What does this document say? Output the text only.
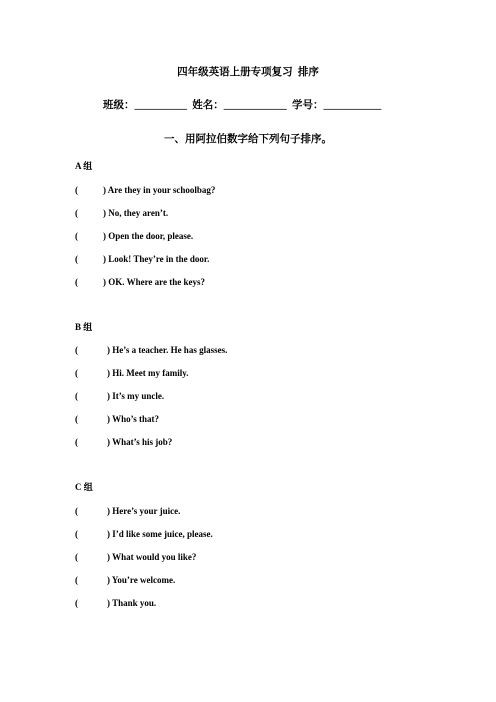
四年级英语上册专项复习  排序
班级：__________  姓名：____________  学号：___________
一、用阿拉伯数字给下列句子排序。
A 组
(	) Are they in your schoolbag?
(	) No, they aren’t.
(	) Open the door, please.
(	) Look! They’re in the door.
(	) OK. Where are the keys?
B 组
(	) He’s a teacher. He has glasses.
(	) Hi. Meet my family.
(	) It’s my uncle.
(	) Who’s that?
(	) What’s his job?
C 组
(	) Here’s your juice.
(	) I’d like some juice, please.
(	) What would you like?
(	) You’re welcome.
(	) Thank you.
